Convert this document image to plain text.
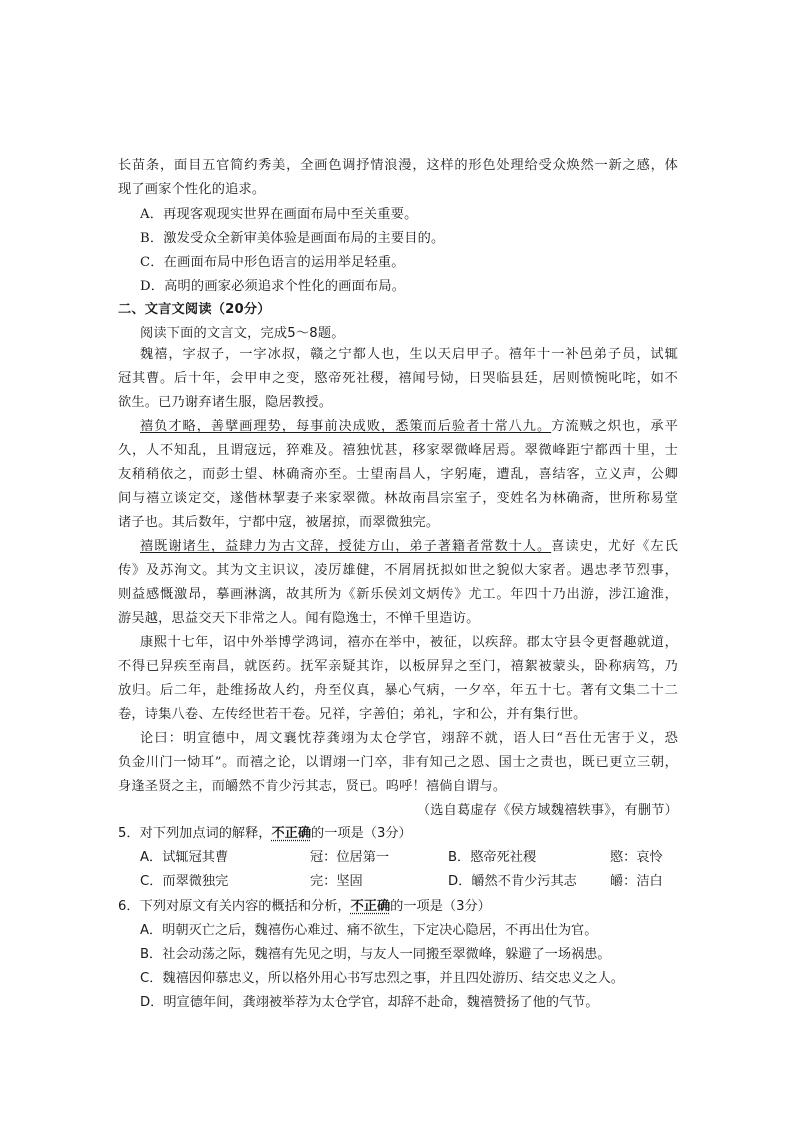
长苗条，面目五官简约秀美，全画色调抒情浪漫，这样的形色处理给受众焕然一新之感，体
现了画家个性化的追求。
A．再现客观现实世界在画面布局中至关重要。
B．激发受众全新审美体验是画面布局的主要目的。
C．在画面布局中形色语言的运用举足轻重。
D．高明的画家必须追求个性化的画面布局。
二、文言文阅读（20分）
阅读下面的文言文，完成5～8题。
魏禧，字叔子，一字冰叔，赣之宁都人也，生以天启甲子。禧年十一补邑弟子员，试辄
冠其曹。后十年，会甲申之变，愍帝死社稷，禧闻号恸，日哭临县廷，居则愤惋叱咤，如不
欲生。已乃谢弃诸生服，隐居教授。
禧负才略，善擘画理势，每事前决成败，悉策而后验者十常八九。方流贼之炽也，承平
久，人不知乱，且谓寇远，猝难及。禧独忧甚，移家翠微峰居焉。翠微峰距宁都西十里，士
友稍稍依之，而彭士望、林确斋亦至。士望南昌人，字躬庵，遭乱，喜结客，立义声，公卿
间与禧立谈定交，遂偕林挈妻子来家翠微。林故南昌宗室子，变姓名为林确斋，世所称易堂
诸子也。其后数年，宁都中寇，被屠掠，而翠微独完。
禧既谢诸生，益肆力为古文辞，授徒方山，弟子著籍者常数十人。喜读史，尤好《左氏
传》及苏洵文。其为文主识议，凌厉雄健，不屑屑抚拟如世之貌似大家者。遇忠孝节烈事，
则益感慨激昂，摹画淋漓，故其所为《新乐侯刘文炳传》尤工。年四十乃出游，涉江逾淮，
游吴越，思益交天下非常之人。闻有隐逸士，不惮千里造访。
康熙十七年，诏中外举博学鸿词，禧亦在举中，被征，以疾辞。郡太守县令更督趣就道，
不得已舁疾至南昌，就医药。抚军亲疑其诈，以板屏舁之至门，禧絮被蒙头，卧称病笃，乃
放归。后二年，赴维扬故人约，舟至仪真，暴心气病，一夕卒，年五十七。著有文集二十二
卷，诗集八卷、左传经世若干卷。兄祥，字善伯；弟礼，字和公，并有集行世。
论曰：明宣德中，周文襄忱荐龚翊为太仓学官，翊辞不就，语人曰“吾仕无害于义，恐
负金川门一恸耳”。而禧之论，以谓翊一门卒，非有知己之恩、国士之责也，既已更立三朝，
身逢圣贤之主，而皭然不肯少污其志，贤已。呜呼！禧倘自谓与。
（选自葛虚存《侯方域魏禧轶事》，有删节）
5．对下列加点词的解释，不正确的一项是（3分）
A．试辄冠其曹	冠：位居第一	B．愍帝死社稷	愍：哀怜
C．而翠微独完	完：坚固	D．皭然不肯少污其志	皭：洁白
6．下列对原文有关内容的概括和分析，不正确的一项是（3分）
A．明朝灭亡之后，魏禧伤心难过、痛不欲生，下定决心隐居，不再出仕为官。
B．社会动荡之际，魏禧有先见之明，与友人一同搬至翠微峰，躲避了一场祸患。
C．魏禧因仰慕忠义，所以格外用心书写忠烈之事，并且四处游历、结交忠义之人。
D．明宣德年间，龚翊被举荐为太仓学官，却辞不赴命，魏禧赞扬了他的气节。
